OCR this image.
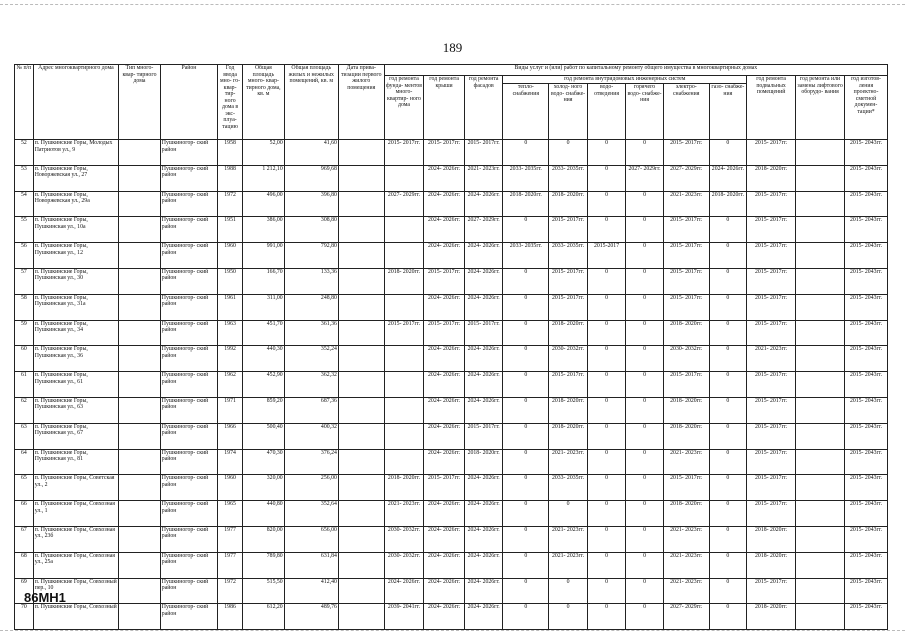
189
№ п/п	Адрес многоквартирного дома	Тип много- квар- тирного дома	Район	Год ввода мно- го- квар- тир- ного дома в экс- плуа- тацию	Общая площадь много- квар- тирного дома, кв. м	Общая площадь жилых и нежилых помещений, кв. м	Дата прива- тизации первого жилого помещения	Виды услуг и (или) работ по капитальному ремонту общего имущества в многоквартирных домах											
								год ремонта фунда- ментов много- квартир- ного дома	год ремонта крыши	год ремонта фасадов	год ремонта внутридомовых инженерных систем						год ремонта подвальных помещений	год ремонта или замены лифтового оборудо- вания	год изготов- ления проектно- сметной докумен- тации*
											тепло- снабжения	холод- ного водо- снабже- ния	водо- отведения	горячего водо- снабже- ния	электро- снабжения	газо- снабже- ния			
52	п. Пушкинские Горы, Молодых Патриотов ул., 9		Пушкиногор- ский район	1958	52,00	41,60		2015- 2017гг.	2015- 2017гг.	2015- 2017гг.	0	0	0	0	2015- 2017гг.	0	2015- 2017гг.		2015- 2043гг.
53	п. Пушкинские Горы, Новоржевская ул., 27		Пушкиногор- ский район	1988	1 212,10	969,68			2024- 2026гг.	2021- 2023гг.	2033- 2035гг.	2033- 2035гг.	0	2027- 2029гг.	2027- 2029гг.	2024- 2026гг.	2018- 2020гг.		2015- 2043гг.
54	п. Пушкинские Горы, Новоржевская ул., 29а		Пушкиногор- ский район	1972	496,00	396,80		2027- 2029гг.	2024- 2026гг.	2024- 2026гг.	2018- 2020гг.	2018- 2020гг.	0	0	2021- 2023гг.	2018- 2020гг.	2015- 2017гг.		2015- 2043гг.
55	п. Пушкинские Горы, Пушкинская ул., 10а		Пушкиногор- ский район	1951	386,00	308,80			2024- 2026гг.	2027- 2029гг.	0	2015- 2017гг.	0	0	2015- 2017гг.	0	2015- 2017гг.		2015- 2043гг.
56	п. Пушкинские Горы, Пушкинская ул., 12		Пушкиногор- ский район	1960	991,00	792,80			2024- 2026гг.	2024- 2026гг.	2033- 2035гг.	2033- 2035гг.	2015-2017	0	2015- 2017гг.	0	2015- 2017гг.		2015- 2043гг.
57	п. Пушкинские Горы, Пушкинская ул., 30		Пушкиногор- ский район	1950	166,70	133,36		2018- 2020гг.	2015- 2017гг.	2024- 2026гг.	0	2015- 2017гг.	0	0	2015- 2017гг.	0	2015- 2017гг.		2015- 2043гг.
58	п. Пушкинские Горы, Пушкинская ул., 31а		Пушкиногор- ский район	1961	311,00	248,80			2024- 2026гг.	2024- 2026гг.	0	2015- 2017гг.	0	0	2015- 2017гг.	0	2015- 2017гг.		2015- 2043гг.
59	п. Пушкинские Горы, Пушкинская ул., 34		Пушкиногор- ский район	1963	451,70	361,36		2015- 2017гг.	2015- 2017гг.	2015- 2017гг.	0	2018- 2020гг.	0	0	2018- 2020гг.	0	2015- 2017гг.		2015- 2043гг.
60	п. Пушкинские Горы, Пушкинская ул., 36		Пушкиногор- ский район	1992	440,30	352,24			2024- 2026гг.	2024- 2026гг.	0	2030- 2032гг.	0	0	2030- 2032гг.	0	2021- 2023гг.		2015- 2043гг.
61	п. Пушкинские Горы, Пушкинская ул., 61		Пушкиногор- ский район	1962	452,90	362,32			2024- 2026гг.	2024- 2026гг.	0	2015- 2017гг.	0	0	2015- 2017гг.	0	2015- 2017гг.		2015- 2043гг.
62	п. Пушкинские Горы, Пушкинская ул., 63		Пушкиногор- ский район	1971	859,20	687,36			2024- 2026гг.	2024- 2026гг.	0	2018- 2020гг.	0	0	2018- 2020гг.	0	2015- 2017гг.		2015- 2043гг.
63	п. Пушкинские Горы, Пушкинская ул., 67		Пушкиногор- ский район	1966	500,40	400,32			2024- 2026гг.	2015- 2017гг.	0	2018- 2020гг.	0	0	2018- 2020гг.	0	2015- 2017гг.		2015- 2043гг.
64	п. Пушкинские Горы, Пушкинская ул., 81		Пушкиногор- ский район	1974	470,30	376,24			2024- 2026гг.	2018- 2020гг.	0	2021- 2023гг.	0	0	2021- 2023гг.	0	2015- 2017гг.		2015- 2043гг.
65	п. Пушкинские Горы, Советская ул., 2		Пушкиногор- ский район	1960	320,00	256,00		2018- 2020гг.	2015- 2017гг.	2024- 2026гг.	0	2033- 2035гг.	0	0	2015- 2017гг.	0	2015- 2017гг.		2015- 2043гг.
66	п. Пушкинские Горы, Совхозная ул., 1		Пушкиногор- ский район	1965	440,80	352,64		2021- 2023гг.	2024- 2026гг.	2024- 2026гг.	0	0	0	0	2018- 2020гг.	0	2015- 2017гг.		2015- 2043гг.
67	п. Пушкинские Горы, Совхозная ул., 23б		Пушкиногор- ский район	1977	820,00	656,00		2030- 2032гг.	2024- 2026гг.	2024- 2026гг.	0	2021- 2023гг.	0	0	2021- 2023гг.	0	2018- 2020гг.		2015- 2043гг.
68	п. Пушкинские Горы, Совхозная ул., 25а		Пушкиногор- ский район	1977	789,80	631,84		2030- 2032гг.	2024- 2026гг.	2024- 2026гг.	0	2021- 2023гг.	0	0	2021- 2023гг.	0	2018- 2020гг.		2015- 2043гг.
69	п. Пушкинские Горы, Совхозный пер., 10		Пушкиногор- ский район	1972	515,50	412,40		2024- 2026гг.	2024- 2026гг.	2024- 2026гг.	0	0	0	0	2021- 2023гг.	0	2015- 2017гг.		2015- 2043гг.
70	п. Пушкинские Горы, Совхозный		Пушкиногор- ский район	1986	612,20	489,76		2039- 2041гг.	2024- 2026гг.	2024- 2026гг.	0	0	0	0	2027- 2029гг.	0	2018- 2020гг.		2015- 2043гг.
86МН1
